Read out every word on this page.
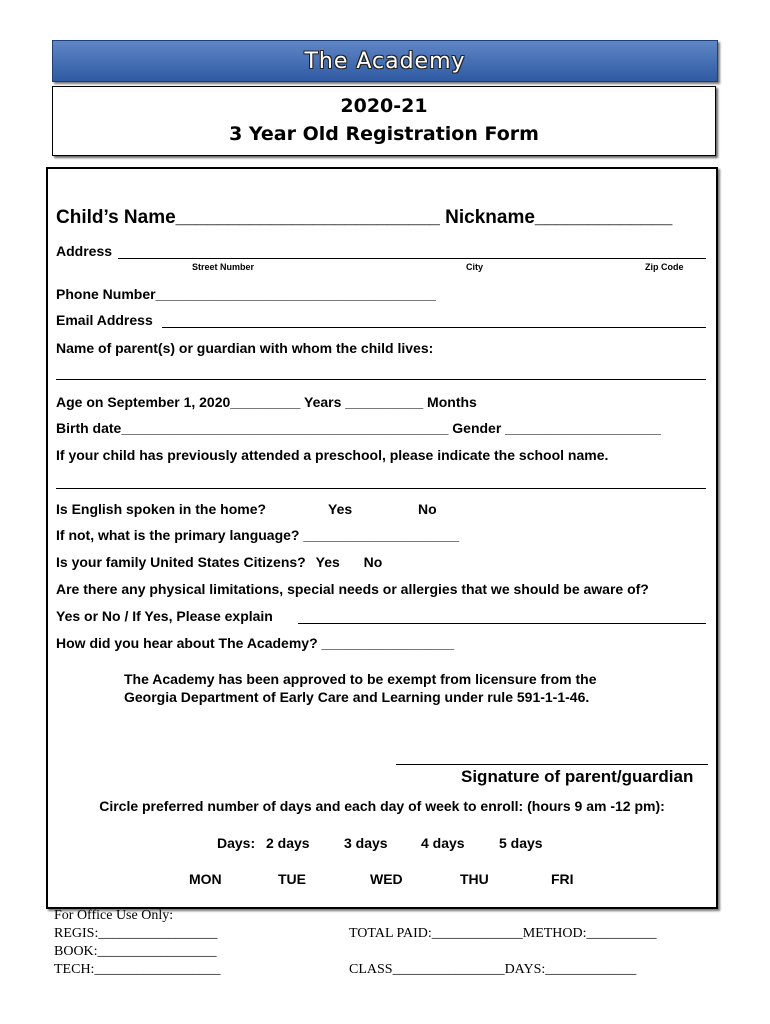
The Academy
2020-21
3 Year Old Registration Form
Child’s Name_________________________ Nickname_____________
Address
Street Number	City	Zip Code
Phone Number____________________________________
Email Address
Name of parent(s) or guardian with whom the child lives:
Age on September 1, 2020_________ Years __________ Months
Birth date__________________________________________ Gender ____________________
If your child has previously attended a preschool, please indicate the school name.
Is English spoken in the home?	Yes	No
If not, what is the primary language? ____________________
Is your family United States Citizens? Yes No
Are there any physical limitations, special needs or allergies that we should be aware of?
Yes or No / If Yes, Please explain
How did you hear about The Academy? _________________
The Academy has been approved to be exempt from licensure from the
Georgia Department of Early Care and Learning under rule 591-1-1-46.
Signature of parent/guardian
Circle preferred number of days and each day of week to enroll: (hours 9 am -12 pm):
Days: 2 days 3 days 4 days 5 days
MON	TUE	WED	THU	FRI
For Office Use Only:
REGIS:_________________
BOOK:_________________
TECH:__________________
TOTAL PAID:_____________METHOD:__________
CLASS________________DAYS:_____________
